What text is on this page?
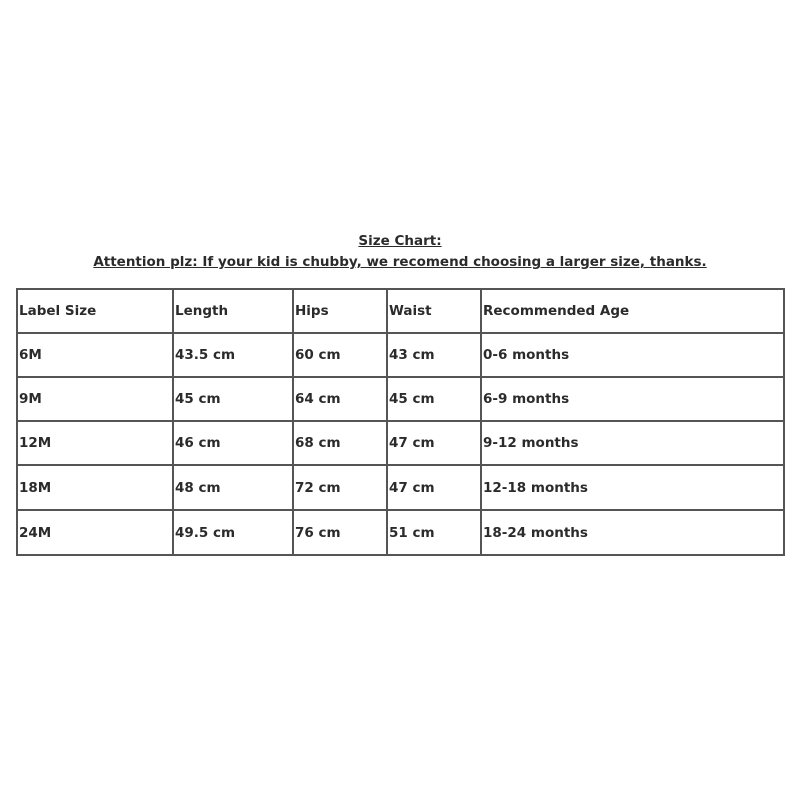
Size Chart:
Attention plz: If your kid is chubby, we recomend choosing a larger size, thanks.
Label Size	Length	Hips	Waist	Recommended Age
6M	43.5 cm	60 cm	43 cm	0-6 months
9M	45 cm	64 cm	45 cm	6-9 months
12M	46 cm	68 cm	47 cm	9-12 months
18M	48 cm	72 cm	47 cm	12-18 months
24M	49.5 cm	76 cm	51 cm	18-24 months
